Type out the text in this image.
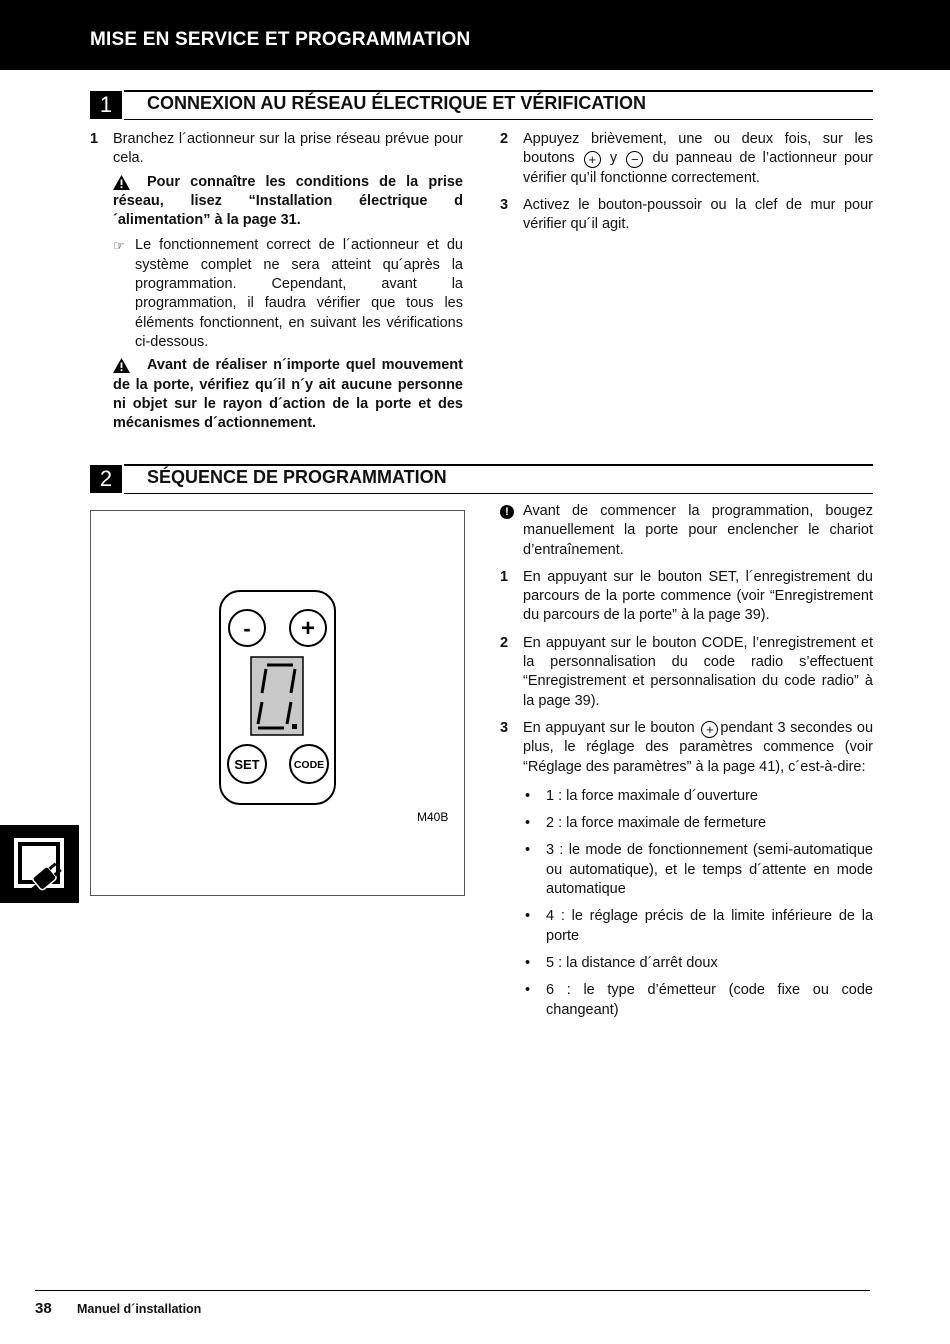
MISE EN SERVICE ET PROGRAMMATION
1	CONNEXION AU RÉSEAU ÉLECTRIQUE ET VÉRIFICATION
1 Branchez l´actionneur sur la prise réseau prévue pour cela.
Pour connaître les conditions de la prise réseau, lisez “Installation électrique d´alimentation” à la page 31.
☞ Le fonctionnement correct de l´actionneur et du système complet ne sera atteint qu´après la programmation. Cependant, avant la programmation, il faudra vérifier que tous les éléments fonctionnent, en suivant les vérifications ci-dessous.
Avant de réaliser n´importe quel mouvement de la porte, vérifiez qu´il n´y ait aucune personne ni objet sur le rayon d´action de la porte et des mécanismes d´actionnement.
2 Appuyez brièvement, une ou deux fois, sur les boutons + y − du panneau de l’actionneur pour vérifier qu’il fonctionne correctement.
3 Activez le bouton-poussoir ou la clef de mur pour vérifier qu´il agit.
2	SÉQUENCE DE PROGRAMMATION
- +
SET	CODE
M40B
! Avant de commencer la programmation, bougez manuellement la porte pour enclencher le chariot d’entraînement.
1 En appuyant sur le bouton SET, l´enregistrement du parcours de la porte commence (voir “Enregistrement du parcours de la porte” à la page 39).
2 En appuyant sur le bouton CODE, l’enregistrement et la personnalisation du code radio s’effectuent “Enregistrement et personnalisation du code radio” à la page 39).
3 En appuyant sur le bouton + pendant 3 secondes ou plus, le réglage des paramètres commence (voir “Réglage des paramètres” à la page 41), c´est-à-dire:
• 1 : la force maximale d´ouverture
• 2 : la force maximale de fermeture
• 3 : le mode de fonctionnement (semi-automatique ou automatique), et le temps d´attente en mode automatique
• 4 : le réglage précis de la limite inférieure de la porte
• 5 : la distance d´arrêt doux
• 6 : le type d’émetteur (code fixe ou code changeant)
38 Manuel d´installation
